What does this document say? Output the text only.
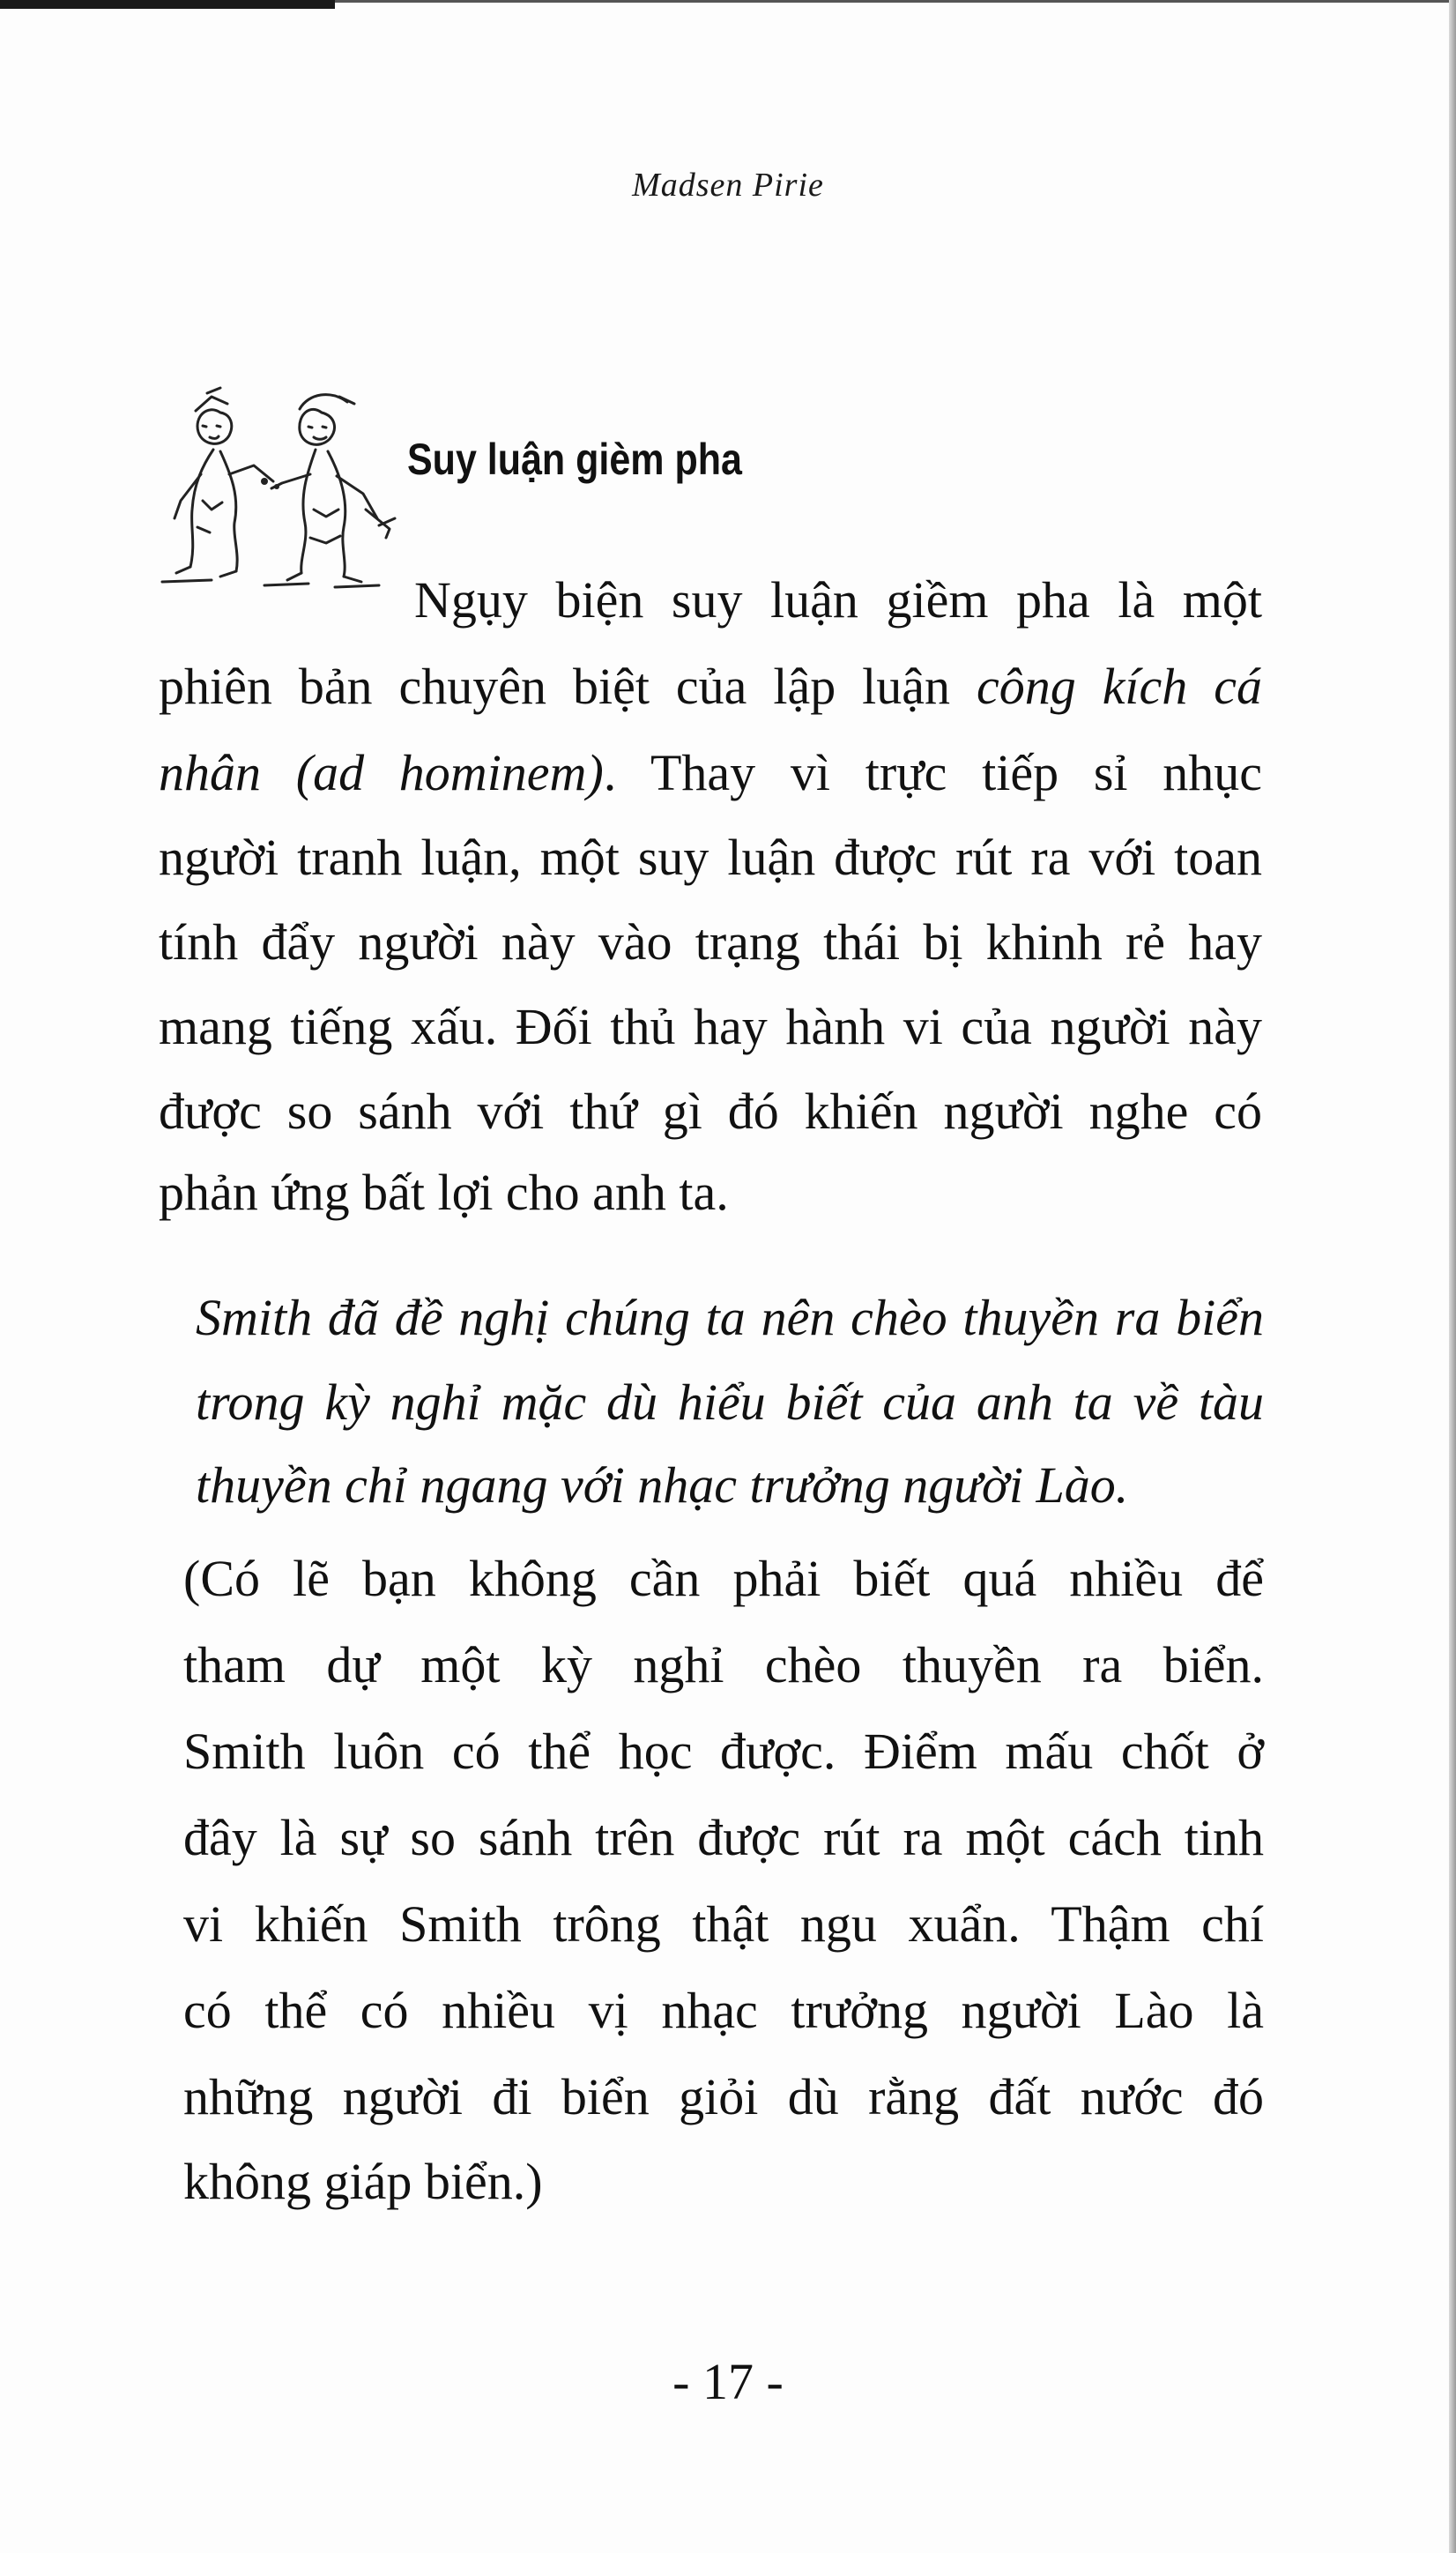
Madsen Pirie
Suy luận gièm pha
Ngụy biện suy luận giềm pha là một
phiên bản chuyên biệt của lập luận công kích cá
nhân (ad hominem). Thay vì trực tiếp sỉ nhục
người tranh luận, một suy luận được rút ra với toan
tính đẩy người này vào trạng thái bị khinh rẻ hay
mang tiếng xấu. Đối thủ hay hành vi của người này
được so sánh với thứ gì đó khiến người nghe có
phản ứng bất lợi cho anh ta.
Smith đã đề nghị chúng ta nên chèo thuyền ra biển
trong kỳ nghỉ mặc dù hiểu biết của anh ta về tàu
thuyền chỉ ngang với nhạc trưởng người Lào.
(Có lẽ bạn không cần phải biết quá nhiều để
tham dự một kỳ nghỉ chèo thuyền ra biển.
Smith luôn có thể học được. Điểm mấu chốt ở
đây là sự so sánh trên được rút ra một cách tinh
vi khiến Smith trông thật ngu xuẩn. Thậm chí
có thể có nhiều vị nhạc trưởng người Lào là
những người đi biển giỏi dù rằng đất nước đó
không giáp biển.)
- 17 -
